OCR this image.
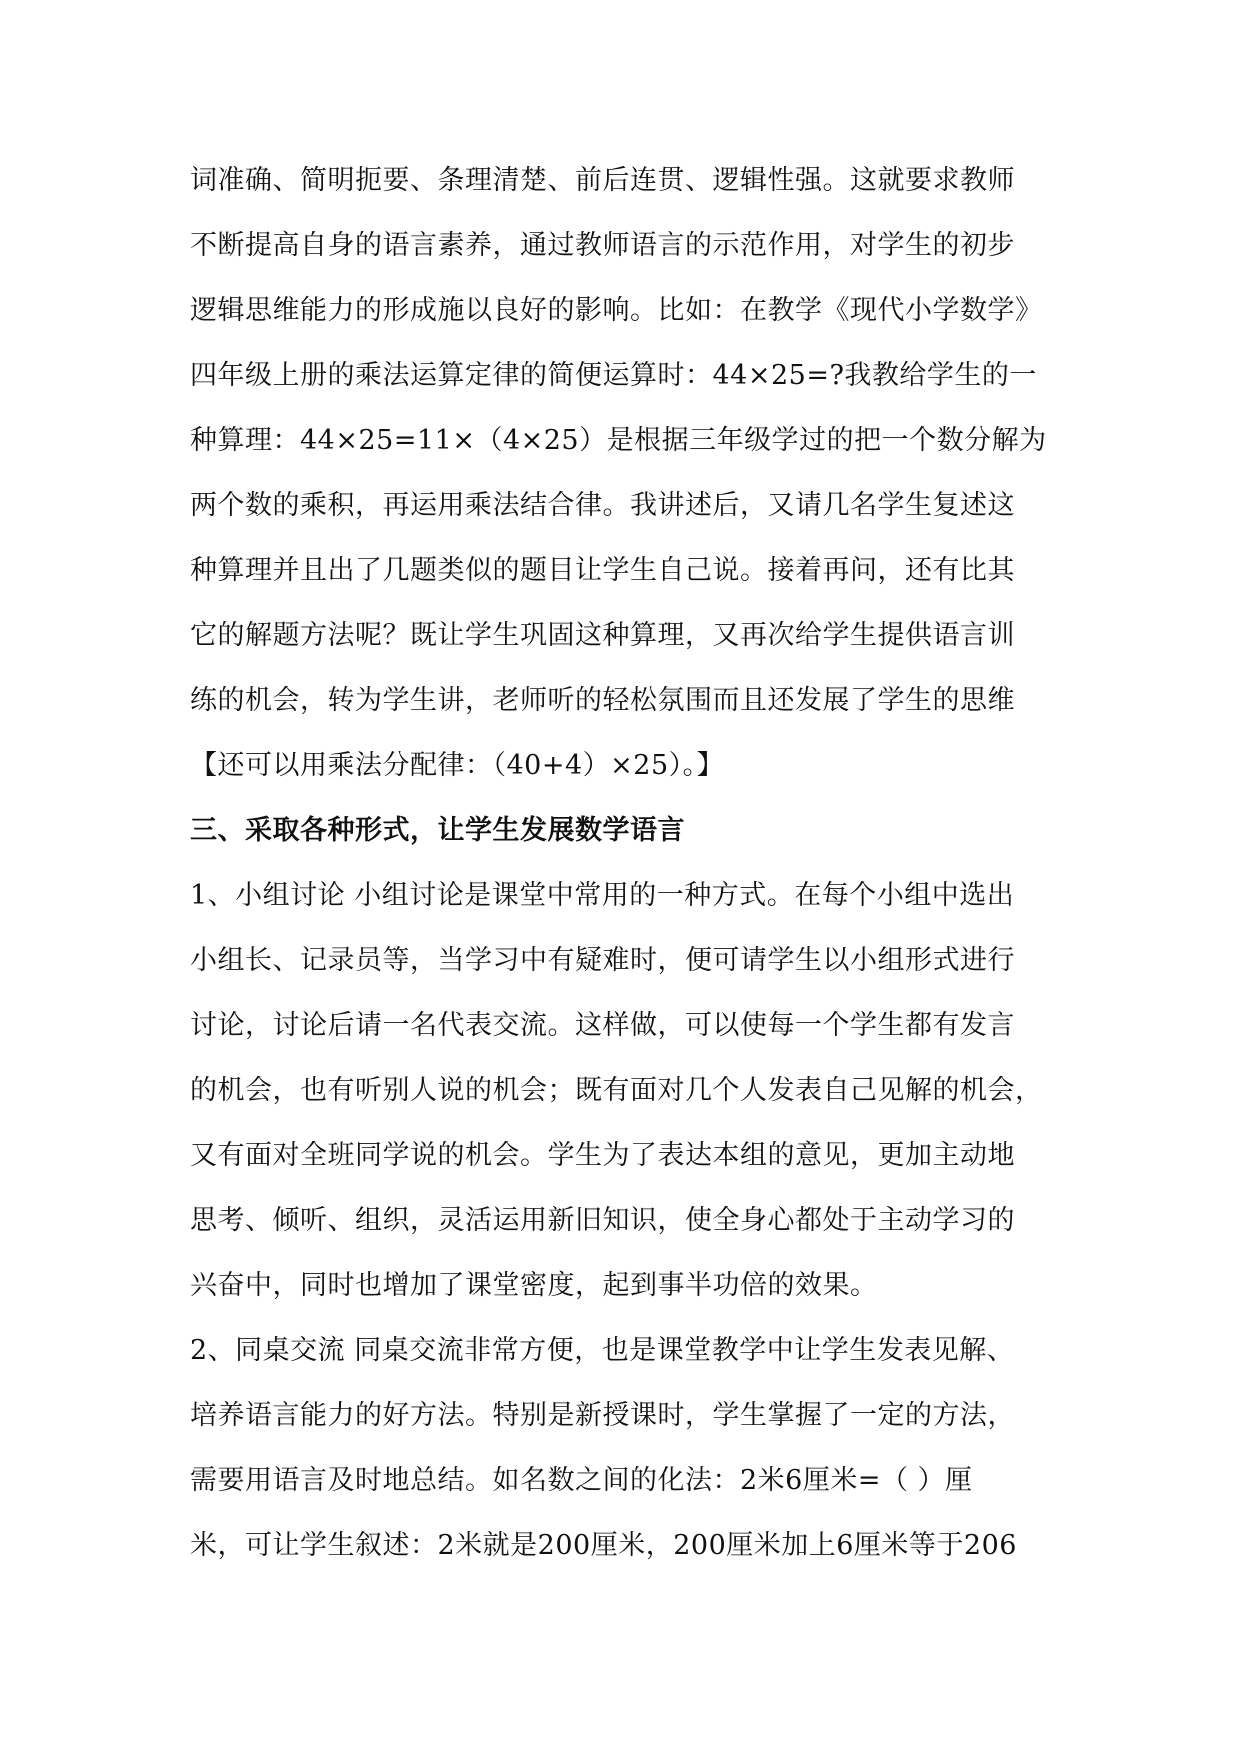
词准确、简明扼要、条理清楚、前后连贯、逻辑性强。这就要求教师
不断提高自身的语言素养，通过教师语言的示范作用，对学生的初步
逻辑思维能力的形成施以良好的影响。比如：在教学《现代小学数学》
四年级上册的乘法运算定律的简便运算时：44×25=?我教给学生的一
种算理：44×25=11×（4×25）是根据三年级学过的把一个数分解为
两个数的乘积，再运用乘法结合律。我讲述后，又请几名学生复述这
种算理并且出了几题类似的题目让学生自己说。接着再问，还有比其
它的解题方法呢？既让学生巩固这种算理，又再次给学生提供语言训
练的机会，转为学生讲，老师听的轻松氛围而且还发展了学生的思维
【还可以用乘法分配律：（40+4）×25）。】
三、采取各种形式，让学生发展数学语言
1、小组讨论 小组讨论是课堂中常用的一种方式。在每个小组中选出
小组长、记录员等，当学习中有疑难时，便可请学生以小组形式进行
讨论，讨论后请一名代表交流。这样做，可以使每一个学生都有发言
的机会，也有听别人说的机会；既有面对几个人发表自己见解的机会，
又有面对全班同学说的机会。学生为了表达本组的意见，更加主动地
思考、倾听、组织，灵活运用新旧知识，使全身心都处于主动学习的
兴奋中，同时也增加了课堂密度，起到事半功倍的效果。
2、同桌交流 同桌交流非常方便，也是课堂教学中让学生发表见解、
培养语言能力的好方法。特别是新授课时，学生掌握了一定的方法，
需要用语言及时地总结。如名数之间的化法：2米6厘米=（ ）厘
米，可让学生叙述：2米就是200厘米，200厘米加上6厘米等于206
